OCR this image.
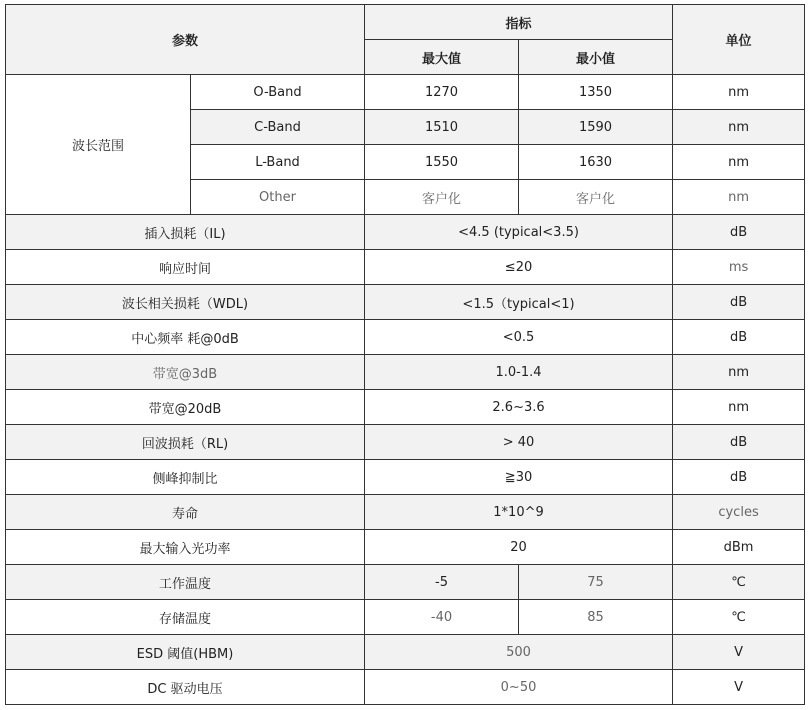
参数		指标		单位
		最大值	最小值	
波长范围	O-Band	1270	1350	nm
	C-Band	1510	1590	nm
	L-Band	1550	1630	nm
	Other	客户化	客户化	nm
插入损耗（IL)		<4.5 (typical<3.5)		dB
响应时间		≤20		ms
波长相关损耗（WDL)		<1.5（typical<1)		dB
中心频率 耗@0dB		<0.5		dB
带宽@3dB		1.0-1.4		nm
带宽@20dB		2.6~3.6		nm
回波损耗（RL)		> 40		dB
侧峰抑制比		≧30		dB
寿命		1*10^9		cycles
最大输入光功率		20		dBm
工作温度		-5	75	℃
存储温度		-40	85	℃
ESD 阈值(HBM)		500		V
DC 驱动电压		0~50		V
